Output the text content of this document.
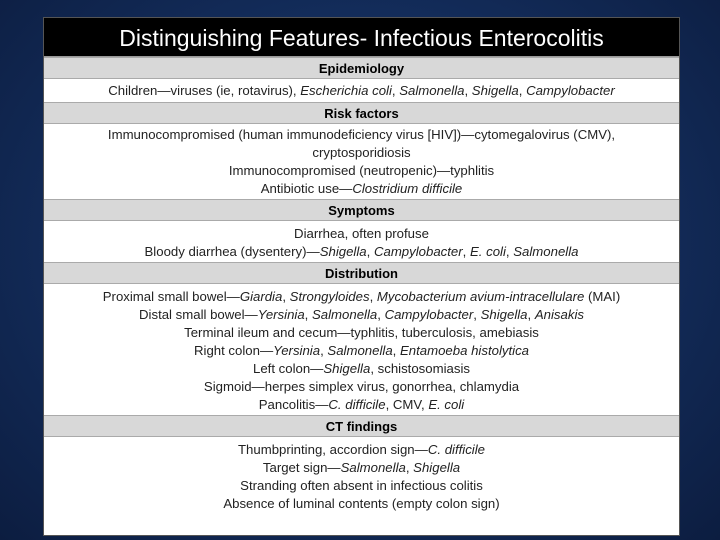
Distinguishing Features- Infectious Enterocolitis
Epidemiology
Children—viruses (ie, rotavirus), Escherichia coli, Salmonella, Shigella, Campylobacter
Risk factors
Immunocompromised (human immunodeficiency virus [HIV])—cytomegalovirus (CMV),
cryptosporidiosis
Immunocompromised (neutropenic)—typhlitis
Antibiotic use—Clostridium difficile
Symptoms
Diarrhea, often profuse
Bloody diarrhea (dysentery)—Shigella, Campylobacter, E. coli, Salmonella
Distribution
Proximal small bowel—Giardia, Strongyloides, Mycobacterium avium-intracellulare (MAI)
Distal small bowel—Yersinia, Salmonella, Campylobacter, Shigella, Anisakis
Terminal ileum and cecum—typhlitis, tuberculosis, amebiasis
Right colon—Yersinia, Salmonella, Entamoeba histolytica
Left colon—Shigella, schistosomiasis
Sigmoid—herpes simplex virus, gonorrhea, chlamydia
Pancolitis—C. difficile, CMV, E. coli
CT findings
Thumbprinting, accordion sign—C. difficile
Target sign—Salmonella, Shigella
Stranding often absent in infectious colitis
Absence of luminal contents (empty colon sign)
